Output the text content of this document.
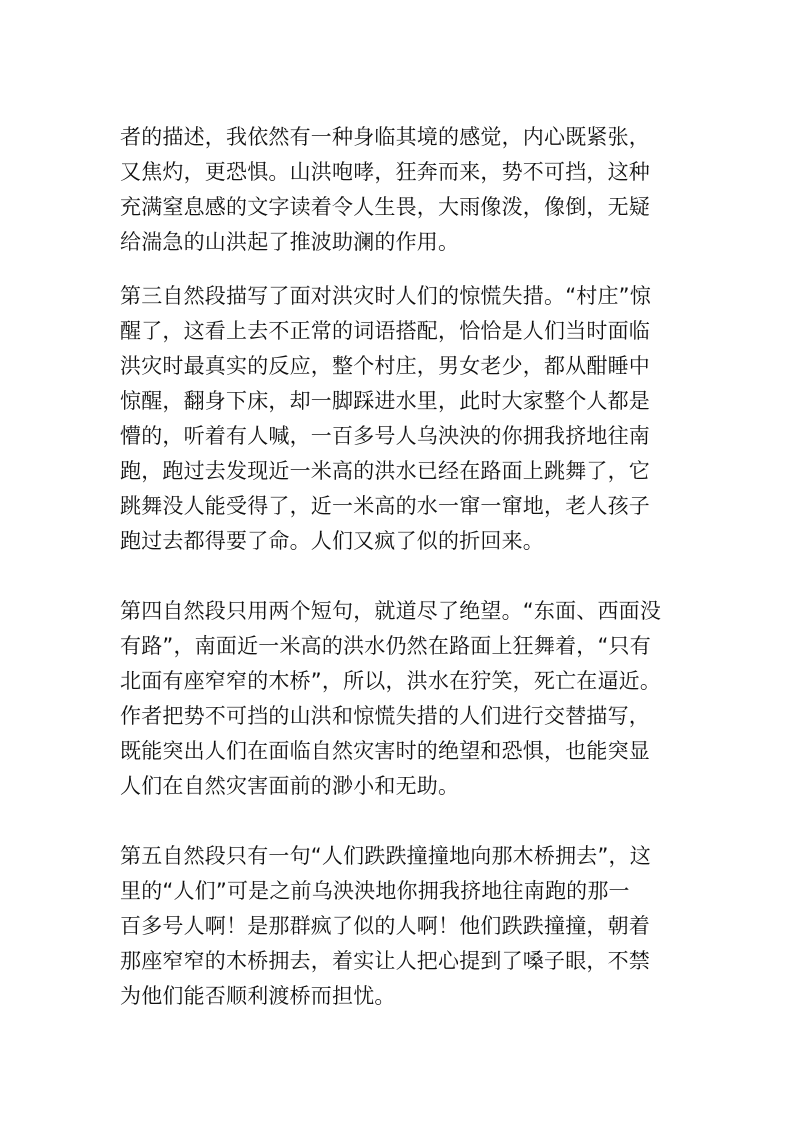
者的描述，我依然有一种身临其境的感觉，内心既紧张，
又焦灼，更恐惧。山洪咆哮，狂奔而来，势不可挡，这种
充满窒息感的文字读着令人生畏，大雨像泼，像倒，无疑
给湍急的山洪起了推波助澜的作用。

第三自然段描写了面对洪灾时人们的惊慌失措。“村庄”惊
醒了，这看上去不正常的词语搭配，恰恰是人们当时面临
洪灾时最真实的反应，整个村庄，男女老少，都从酣睡中
惊醒，翻身下床，却一脚踩进水里，此时大家整个人都是
懵的，听着有人喊，一百多号人乌泱泱的你拥我挤地往南
跑，跑过去发现近一米高的洪水已经在路面上跳舞了，它
跳舞没人能受得了，近一米高的水一窜一窜地，老人孩子
跑过去都得要了命。人们又疯了似的折回来。

第四自然段只用两个短句，就道尽了绝望。“东面、西面没
有路”，南面近一米高的洪水仍然在路面上狂舞着，“只有
北面有座窄窄的木桥”，所以，洪水在狞笑，死亡在逼近。
作者把势不可挡的山洪和惊慌失措的人们进行交替描写，
既能突出人们在面临自然灾害时的绝望和恐惧，也能突显
人们在自然灾害面前的渺小和无助。

第五自然段只有一句“人们跌跌撞撞地向那木桥拥去”，这
里的“人们”可是之前乌泱泱地你拥我挤地往南跑的那一
百多号人啊！是那群疯了似的人啊！他们跌跌撞撞，朝着
那座窄窄的木桥拥去，着实让人把心提到了嗓子眼，不禁
为他们能否顺利渡桥而担忧。
